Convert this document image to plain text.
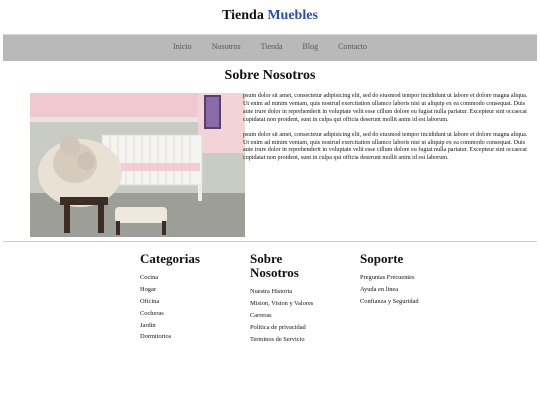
Tienda Muebles
Inicio	Nosotros	Tienda	Blog	Contacto
Sobre Nosotros

psum dolor sit amet, consectetur adipisicing elit, sed do eiusmod tempor incididunt ut labore et dolore magna aliqua. Ut enim ad minim veniam, quis nostrud exercitation ullamco laboris nisi ut aliquip ex ea commodo consequat. Duis aute irure dolor in reprehenderit in voluptate velit esse cillum dolore eu fugiat nulla pariatur. Excepteur sint occaecat cupidatat non proident, sunt in culpa qui officia deserunt mollit anim id est laborum.

psum dolor sit amet, consectetur adipisicing elit, sed do eiusmod tempor incididunt ut labore et dolore magna aliqua. Ut enim ad minim veniam, quis nostrud exercitation ullamco laboris nisi ut aliquip ex ea commodo consequat. Duis aute irure dolor in reprehenderit in voluptate velit esse cillum dolore eu fugiat nulla pariatur. Excepteur sint occaecat cupidatat non proident, sunt in culpa qui officia deserunt mollit anim id est laborum.

Categorias
Cocina
Hogar
Oficina
Cocheras
Jardin
Dormitorios
Sobre Nosotros
Nuestra Historia
Mision, Vision y Valores
Carreras
Politica de privacidad
Terminos de Servicio
Soporte
Preguntas Frecuentes
Ayuda en linea
Confianza y Seguridad
